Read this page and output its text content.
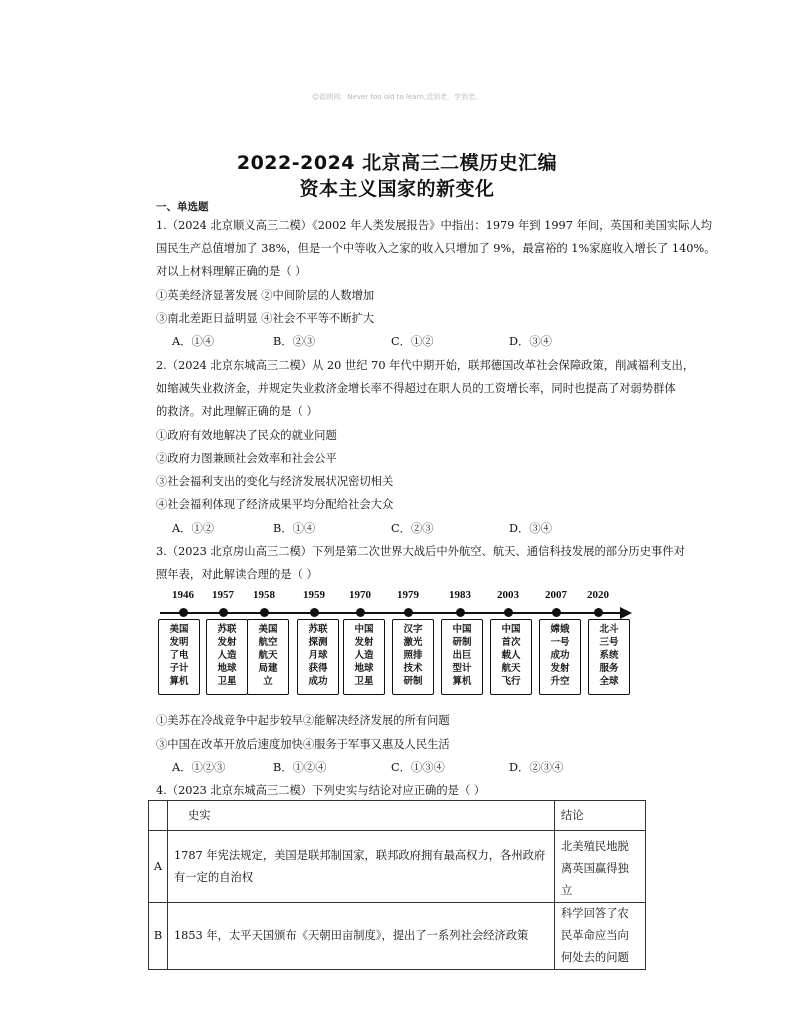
☺源朗网：Never too old to learn,活到老，学到老。
2022-2024 北京高三二模历史汇编
资本主义国家的新变化
一、单选题
1.（2024 北京顺义高三二模）《2002 年人类发展报告》中指出：1979 年到 1997 年间，英国和美国实际人均
国民生产总值增加了 38%，但是一个中等收入之家的收入只增加了 9%，最富裕的 1%家庭收入增长了 140%。
对以上材料理解正确的是（ ）
①英美经济显著发展 ②中间阶层的人数增加
③南北差距日益明显 ④社会不平等不断扩大
A．①④	B．②③	C．①②	D．③④
2.（2024 北京东城高三二模）从 20 世纪 70 年代中期开始，联邦德国改革社会保障政策，削减福利支出，
如缩减失业救济金，并规定失业救济金增长率不得超过在职人员的工资增长率，同时也提高了对弱势群体
的救济。对此理解正确的是（ ）
①政府有效地解决了民众的就业问题
②政府力图兼顾社会效率和社会公平
③社会福利支出的变化与经济发展状况密切相关
④社会福利体现了经济成果平均分配给社会大众
A．①②	B．①④	C．②③	D．③④
3.（2023 北京房山高三二模）下列是第二次世界大战后中外航空、航天、通信科技发展的部分历史事件对
照年表，对此解读合理的是（ ）
1946	1957	1958	1959	1970	1979	1983	2003	2007	2020
美国
发明
了电
子计
算机
苏联
发射
人造
地球
卫星
美国
航空
航天
局建
立
苏联
探测
月球
获得
成功
中国
发射
人造
地球
卫星
汉字
激光
照排
技术
研制
中国
研制
出巨
型计
算机
中国
首次
载人
航天
飞行
嫦娥
一号
成功
发射
升空
北斗
三号
系统
服务
全球
①美苏在冷战竞争中起步较早②能解决经济发展的所有问题
③中国在改革开放后速度加快④服务于军事又惠及人民生活
A．①②③	B．①②④	C．①③④	D．②③④
4.（2023 北京东城高三二模）下列史实与结论对应正确的是（ ）
	史实	结论
A	1787 年宪法规定，美国是联邦制国家，联邦政府拥有最高权力，各州政府有一定的自治权	北美殖民地脱离英国赢得独立
B	1853 年，太平天国颁布《天朝田亩制度》，提出了一系列社会经济政策	科学回答了农民革命应当向何处去的问题
